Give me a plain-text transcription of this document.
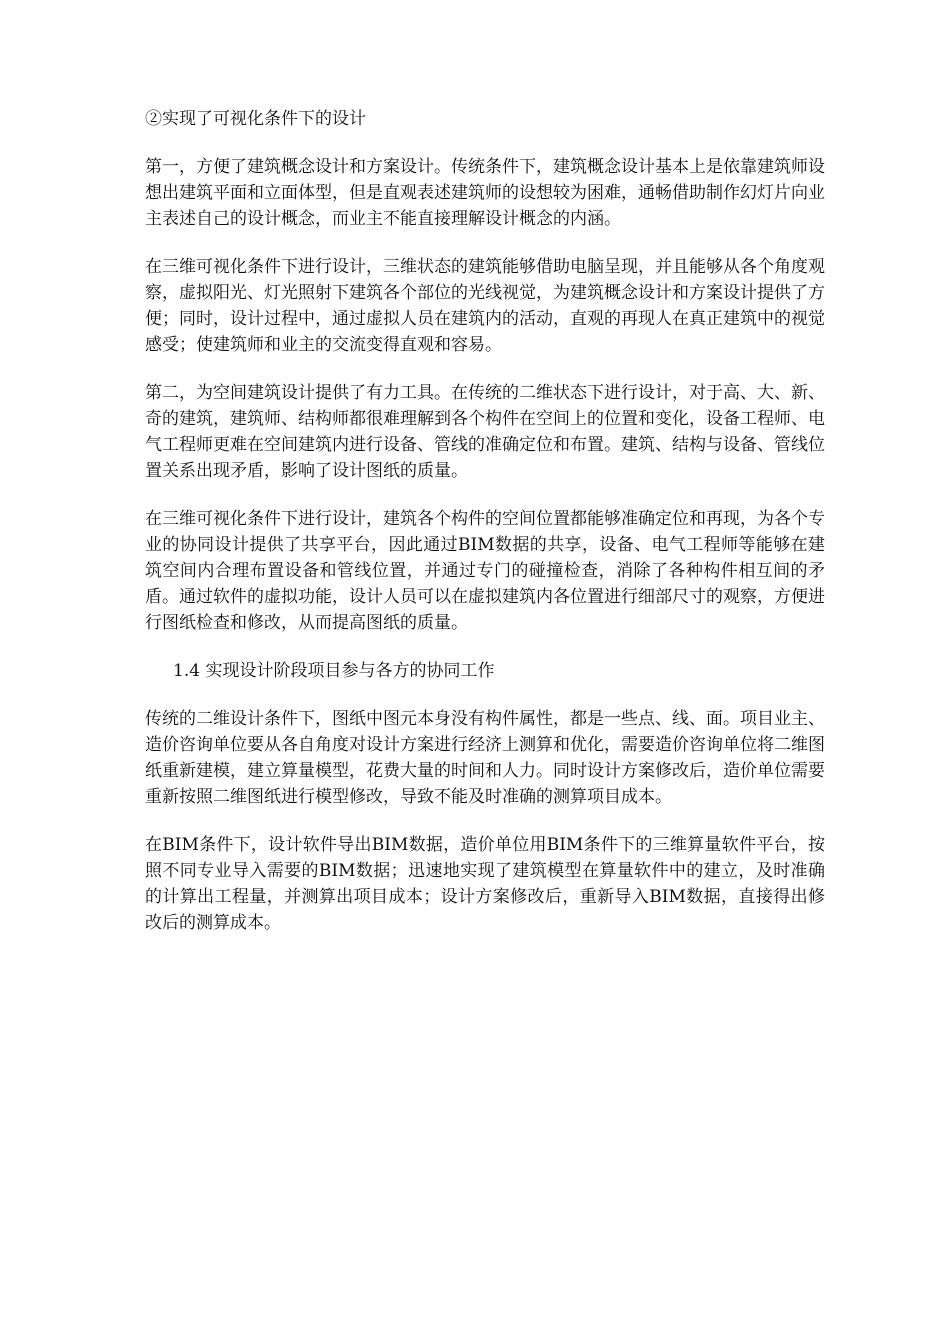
②实现了可视化条件下的设计

第一，方便了建筑概念设计和方案设计。传统条件下，建筑概念设计基本上是依靠建筑师设想出建筑平面和立面体型，但是直观表述建筑师的设想较为困难，通畅借助制作幻灯片向业主表述自己的设计概念，而业主不能直接理解设计概念的内涵。

在三维可视化条件下进行设计，三维状态的建筑能够借助电脑呈现，并且能够从各个角度观察，虚拟阳光、灯光照射下建筑各个部位的光线视觉，为建筑概念设计和方案设计提供了方便；同时，设计过程中，通过虚拟人员在建筑内的活动，直观的再现人在真正建筑中的视觉感受；使建筑师和业主的交流变得直观和容易。

第二，为空间建筑设计提供了有力工具。在传统的二维状态下进行设计，对于高、大、新、奇的建筑，建筑师、结构师都很难理解到各个构件在空间上的位置和变化，设备工程师、电气工程师更难在空间建筑内进行设备、管线的准确定位和布置。建筑、结构与设备、管线位置关系出现矛盾，影响了设计图纸的质量。

在三维可视化条件下进行设计，建筑各个构件的空间位置都能够准确定位和再现，为各个专业的协同设计提供了共享平台，因此通过BIM数据的共享，设备、电气工程师等能够在建筑空间内合理布置设备和管线位置，并通过专门的碰撞检查，消除了各种构件相互间的矛盾。通过软件的虚拟功能，设计人员可以在虚拟建筑内各位置进行细部尺寸的观察，方便进行图纸检查和修改，从而提高图纸的质量。

1.4 实现设计阶段项目参与各方的协同工作

传统的二维设计条件下，图纸中图元本身没有构件属性，都是一些点、线、面。项目业主、造价咨询单位要从各自角度对设计方案进行经济上测算和优化，需要造价咨询单位将二维图纸重新建模，建立算量模型，花费大量的时间和人力。同时设计方案修改后，造价单位需要重新按照二维图纸进行模型修改，导致不能及时准确的测算项目成本。

在BIM条件下，设计软件导出BIM数据，造价单位用BIM条件下的三维算量软件平台，按照不同专业导入需要的BIM数据；迅速地实现了建筑模型在算量软件中的建立，及时准确的计算出工程量，并测算出项目成本；设计方案修改后，重新导入BIM数据，直接得出修改后的测算成本。
